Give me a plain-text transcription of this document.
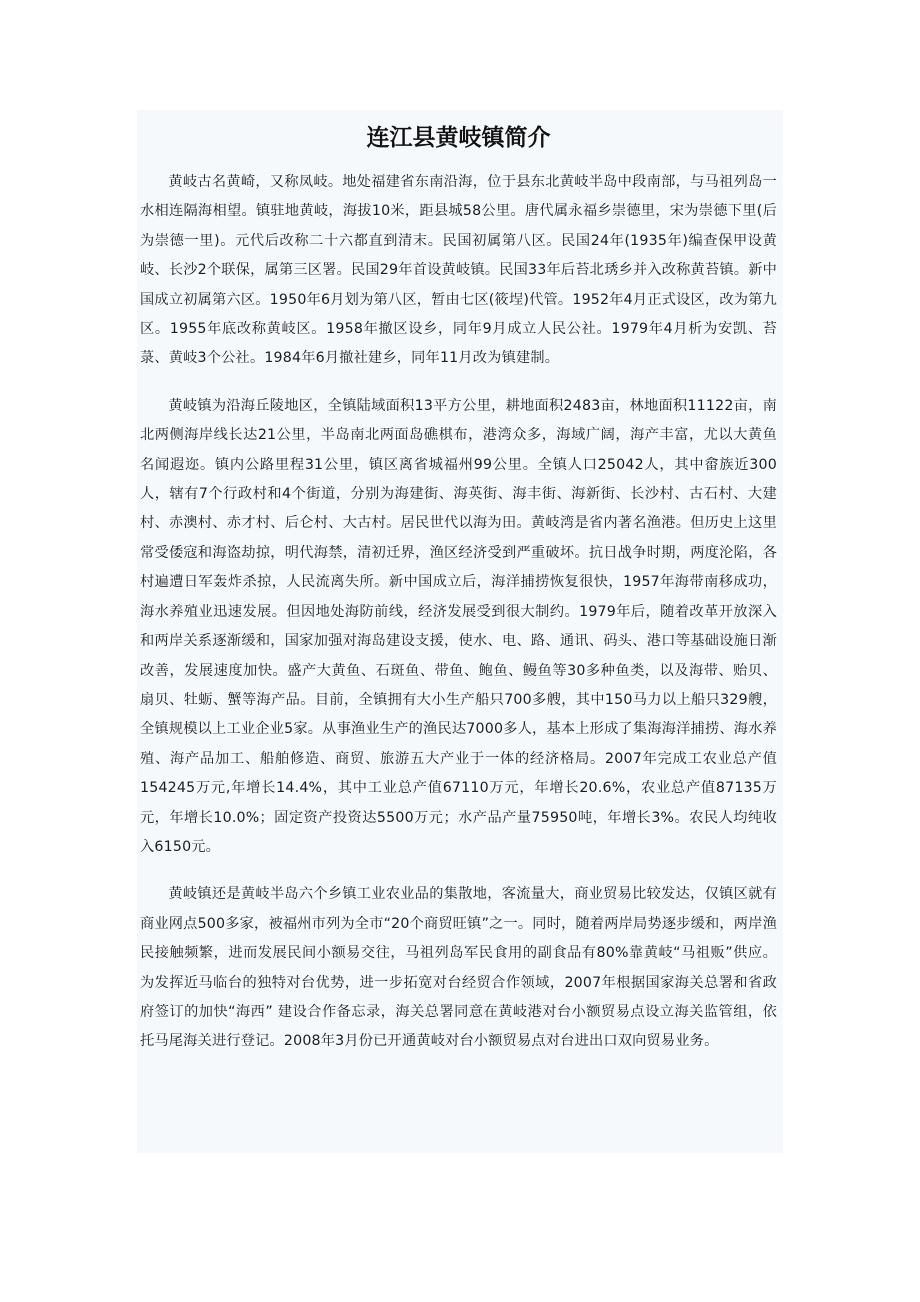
连江县黄岐镇简介

黄岐古名黄崎，又称凤岐。地处福建省东南沿海，位于县东北黄岐半岛中段南部，与马祖列岛一水相连隔海相望。镇驻地黄岐，海拔10米，距县城58公里。唐代属永福乡崇德里，宋为崇德下里(后为崇德一里)。元代后改称二十六都直到清末。民国初属第八区。民国24年(1935年)编查保甲设黄岐、长沙2个联保，属第三区署。民国29年首设黄岐镇。民国33年后苔北琇乡并入改称黄苔镇。新中国成立初属第六区。1950年6月划为第八区，暂由七区(筱埕)代管。1952年4月正式设区，改为第九区。1955年底改称黄岐区。1958年撤区设乡，同年9月成立人民公社。1979年4月析为安凯、苔菉、黄岐3个公社。1984年6月撤社建乡，同年11月改为镇建制。

黄岐镇为沿海丘陵地区，全镇陆域面积13平方公里，耕地面积2483亩，林地面积11122亩，南北两侧海岸线长达21公里，半岛南北两面岛礁棋布，港湾众多，海域广阔，海产丰富，尤以大黄鱼名闻遐迩。镇内公路里程31公里，镇区离省城福州99公里。全镇人口25042人，其中畲族近300人，辖有7个行政村和4个街道，分别为海建街、海英街、海丰街、海新街、长沙村、古石村、大建村、赤澳村、赤才村、后仑村、大古村。居民世代以海为田。黄岐湾是省内著名渔港。但历史上这里常受倭寇和海盗劫掠，明代海禁，清初迁界，渔区经济受到严重破坏。抗日战争时期，两度沦陷，各村遍遭日军轰炸杀掠，人民流离失所。新中国成立后，海洋捕捞恢复很快，1957年海带南移成功，海水养殖业迅速发展。但因地处海防前线，经济发展受到很大制约。1979年后，随着改革开放深入和两岸关系逐渐缓和，国家加强对海岛建设支援，使水、电、路、通讯、码头、港口等基础设施日渐改善，发展速度加快。盛产大黄鱼、石斑鱼、带鱼、鲍鱼、鳗鱼等30多种鱼类，以及海带、贻贝、扇贝、牡蛎、蟹等海产品。目前，全镇拥有大小生产船只700多艘，其中150马力以上船只329艘，全镇规模以上工业企业5家。从事渔业生产的渔民达7000多人，基本上形成了集海海洋捕捞、海水养殖、海产品加工、船舶修造、商贸、旅游五大产业于一体的经济格局。2007年完成工农业总产值154245万元,年增长14.4%，其中工业总产值67110万元，年增长20.6%，农业总产值87135万元，年增长10.0%；固定资产投资达5500万元；水产品产量75950吨，年增长3%。农民人均纯收入6150元。

黄岐镇还是黄岐半岛六个乡镇工业农业品的集散地，客流量大，商业贸易比较发达，仅镇区就有商业网点500多家，被福州市列为全市“20个商贸旺镇”之一。同时，随着两岸局势逐步缓和，两岸渔民接触频繁，进而发展民间小额易交往，马祖列岛军民食用的副食品有80%靠黄岐“马祖贩”供应。为发挥近马临台的独特对台优势，进一步拓宽对台经贸合作领域，2007年根据国家海关总署和省政府签订的加快“海西” 建设合作备忘录，海关总署同意在黄岐港对台小额贸易点设立海关监管组，依托马尾海关进行登记。2008年3月份已开通黄岐对台小额贸易点对台进出口双向贸易业务。
